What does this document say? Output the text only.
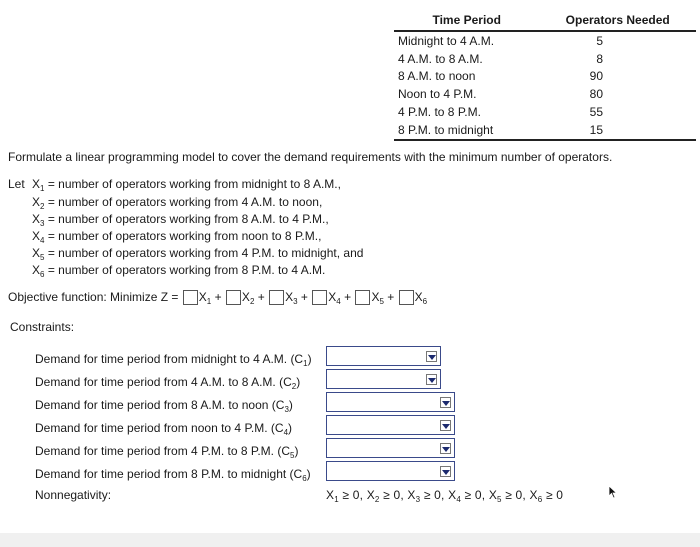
Time Period	Operators Needed
Midnight to 4 A.M.	5
4 A.M. to 8 A.M.	8
8 A.M. to noon	90
Noon to 4 P.M.	80
4 P.M. to 8 P.M.	55
8 P.M. to midnight	15
Formulate a linear programming model to cover the demand requirements with the minimum number of operators.
Let $X_1$ = number of operators working from midnight to 8 A.M.,
$X_2$ = number of operators working from 4 A.M. to noon,
$X_3$ = number of operators working from 8 A.M. to 4 P.M.,
$X_4$ = number of operators working from noon to 8 P.M.,
$X_5$ = number of operators working from 4 P.M. to midnight, and
$X_6$ = number of operators working from 8 P.M. to 4 A.M.
Objective function: Minimize $Z = X_1 + X_2 + X_3 + X_4 + X_5 + X_6$
Constraints:
Demand for time period from midnight to 4 A.M. $(C_1)$
Demand for time period from 4 A.M. to 8 A.M. $(C_2)$
Demand for time period from 8 A.M. to noon $(C_3)$
Demand for time period from noon to 4 P.M. $(C_4)$
Demand for time period from 4 P.M. to 8 P.M. $(C_5)$
Demand for time period from 8 P.M. to midnight $(C_6)$
Nonnegativity:	$X_1 \ge 0$, $X_2 \ge 0$, $X_3 \ge 0$, $X_4 \ge 0$, $X_5 \ge 0$, $X_6 \ge 0$
